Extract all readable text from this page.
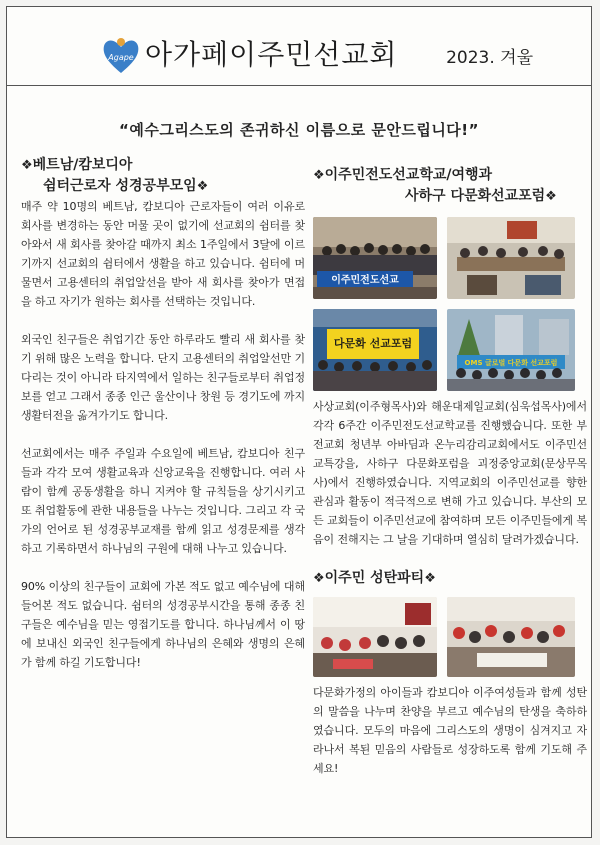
Agape 아가페이주민선교회	2023. 겨울
“예수그리스도의 존귀하신 이름으로 문안드립니다!”
❖베트남/캄보디아
쉼터근로자 성경공부모임❖

매주 약 10명의 베트남, 캄보디아 근로자들이 여러 이유로 회사를 변경하는 동안 머물 곳이 없기에 선교회의 쉼터를 찾아와서 새 회사를 찾아갈 때까지 최소 1주일에서 3달에 이르기까지 선교회의 쉼터에서 생활을 하고 있습니다. 쉼터에 머물면서 고용센터의 취업알선을 받아 새 회사를 찾아가 면접을 하고 자기가 원하는 회사를 선택하는 것입니다.

외국인 친구들은 취업기간 동안 하루라도 빨리 새 회사를 찾기 위해 많은 노력을 합니다. 단지 고용센터의 취업알선만 기다리는 것이 아니라 타지역에서 일하는 친구들로부터 취업정보를 얻고 그래서 종종 인근 울산이나 창원 등 경기도에 까지 생활터전을 옮겨가기도 합니다.

선교회에서는 매주 주일과 수요일에 베트남, 캄보디아 친구들과 각각 모여 생활교육과 신앙교육을 진행합니다. 여러 사람이 함께 공동생활을 하니 지켜야 할 규칙들을 상기시키고 또 취업활동에 관한 내용들을 나누는 것입니다. 그리고 각 국가의 언어로 된 성경공부교재를 함께 읽고 성경문제를 생각하고 기록하면서 하나님의 구원에 대해 나누고 있습니다.

90% 이상의 친구들이 교회에 가본 적도 없고 예수님에 대해 들어본 적도 없습니다. 쉼터의 성경공부시간을 통해 종종 친구들은 예수님을 믿는 영접기도를 합니다. 하나님께서 이 땅에 보내신 외국인 친구들에게 하나님의 은혜와 생명의 은혜가 함께 하길 기도합니다!

❖이주민전도선교학교/여행과
사하구 다문화선교포럼❖
이주민전도선교
다문화 선교포럼
OMS 글로벌 다문화 선교포럼

사상교회(이주형목사)와 해운대제일교회(심욱섭목사)에서 각각 6주간 이주민전도선교학교를 진행했습니다. 또한 부전교회 청년부 아바딤과 온누리감리교회에서도 이주민선교특강을, 사하구 다문화포럼을 괴정중앙교회(문상무목사)에서 진행하였습니다. 지역교회의 이주민선교를 향한 관심과 활동이 적극적으로 변해 가고 있습니다. 부산의 모든 교회들이 이주민선교에 참여하며 모든 이주민들에게 복음이 전해지는 그 날을 기대하며 열심히 달려가겠습니다.

❖이주민 성탄파티❖

다문화가정의 아이들과 캄보디아 이주여성들과 함께 성탄의 말씀을 나누며 찬양을 부르고 예수님의 탄생을 축하하였습니다. 모두의 마음에 그리스도의 생명이 심겨지고 자라나서 복된 믿음의 사람들로 성장하도록 함께 기도해 주세요!
